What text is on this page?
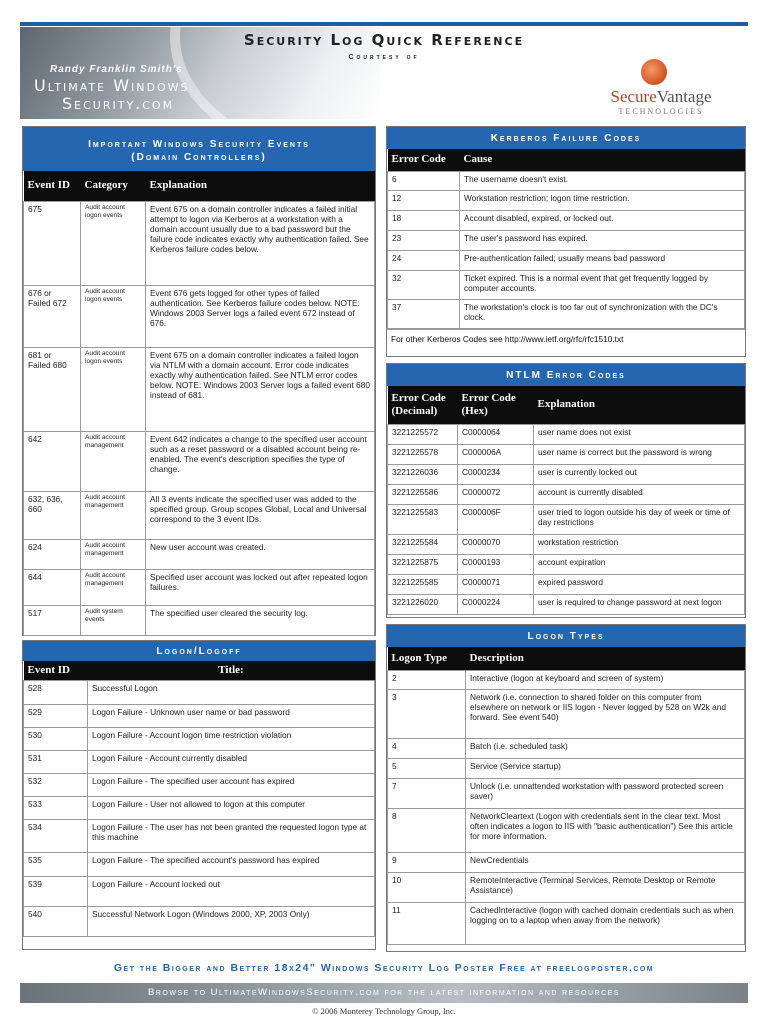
Security Log Quick Reference
Courtesy of
Randy Franklin Smith's
Ultimate Windows
Security.com	SecureVantage
TECHNOLOGIES
Important Windows Security Events
(Domain Controllers)
Event ID	Category	Explanation
675	Audit account logon events	Event 675 on a domain controller indicates a failed initial attempt to logon via Kerberos at a workstation with a domain account usually due to a bad password but the failure code indicates exactly why authentication failed. See Kerberos failure codes below.
676 or Failed 672	Audit account logon events	Event 676 gets logged for other types of failed authentication. See Kerberos failure codes below. NOTE: Windows 2003 Server logs a failed event 672 instead of 676.
681 or Failed 680	Audit account logon events	Event 675 on a domain controller indicates a failed logon via NTLM with a domain account. Error code indicates exactly why authentication failed. See NTLM error codes below. NOTE: Windows 2003 Server logs a failed event 680 instead of 681.
642	Audit account management	Event 642 indicates a change to the specified user account such as a reset password or a disabled account being re-enabled. The event's description specifies the type of change.
632, 636, 660	Audit account management	All 3 events indicate the specified user was added to the specified group. Group scopes Global, Local and Universal correspond to the 3 event IDs.
624	Audit account management	New user account was created.
644	Audit account management	Specified user account was locked out after repeated logon failures.
517	Audit system events	The specified user cleared the security log.
Logon/Logoff
Event ID	Title:
528	Successful Logon
529	Logon Failure - Unknown user name or bad password
530	Logon Failure - Account logon time restriction violation
531	Logon Failure - Account currently disabled
532	Logon Failure - The specified user account has expired
533	Logon Failure - User not allowed to logon at this computer
534	Logon Failure - The user has not been granted the requested logon type at this machine
535	Logon Failure - The specified account's password has expired
539	Logon Failure - Account locked out
540	Successful Network Logon (Windows 2000, XP, 2003 Only)
Kerberos Failure Codes
Error Code	Cause
6	The username doesn't exist.
12	Workstation restriction; logon time restriction.
18	Account disabled, expired, or locked out.
23	The user's password has expired.
24	Pre-authentication failed; usually means bad password
32	Ticket expired. This is a normal event that get frequently logged by computer accounts.
37	The workstation's clock is too far out of synchronization with the DC's clock.
For other Kerberos Codes see http://www.ietf.org/rfc/rfc1510.txt
NTLM Error Codes
Error Code (Decimal)	Error Code (Hex)	Explanation
3221225572	C0000064	user name does not exist
3221225578	C000006A	user name is correct but the password is wrong
3221226036	C0000234	user is currently locked out
3221225586	C0000072	account is currently disabled
3221225583	C000006F	user tried to logon outside his day of week or time of day restrictions
3221225584	C0000070	workstation restriction
3221225875	C0000193	account expiration
3221225585	C0000071	expired password
3221226020	C0000224	user is required to change password at next logon
Logon Types
Logon Type	Description
2	Interactive (logon at keyboard and screen of system)
3	Network (i.e. connection to shared folder on this computer from elsewhere on network or IIS logon - Never logged by 528 on W2k and forward. See event 540)
4	Batch (i.e. scheduled task)
5	Service (Service startup)
7	Unlock (i.e. unnattended workstation with password protected screen saver)
8	NetworkCleartext (Logon with credentials sent in the clear text. Most often indicates a logon to IIS with "basic authentication") See this article for more information.
9	NewCredentials
10	RemoteInteractive (Terminal Services, Remote Desktop or Remote Assistance)
11	CachedInteractive (logon with cached domain credentials such as when logging on to a laptop when away from the network)
Get the Bigger and Better 18x24" Windows Security Log Poster Free at freelogposter.com
Browse to UltimateWindowsSecurity.com for the latest information and resources
© 2006 Monterey Technology Group, Inc.
